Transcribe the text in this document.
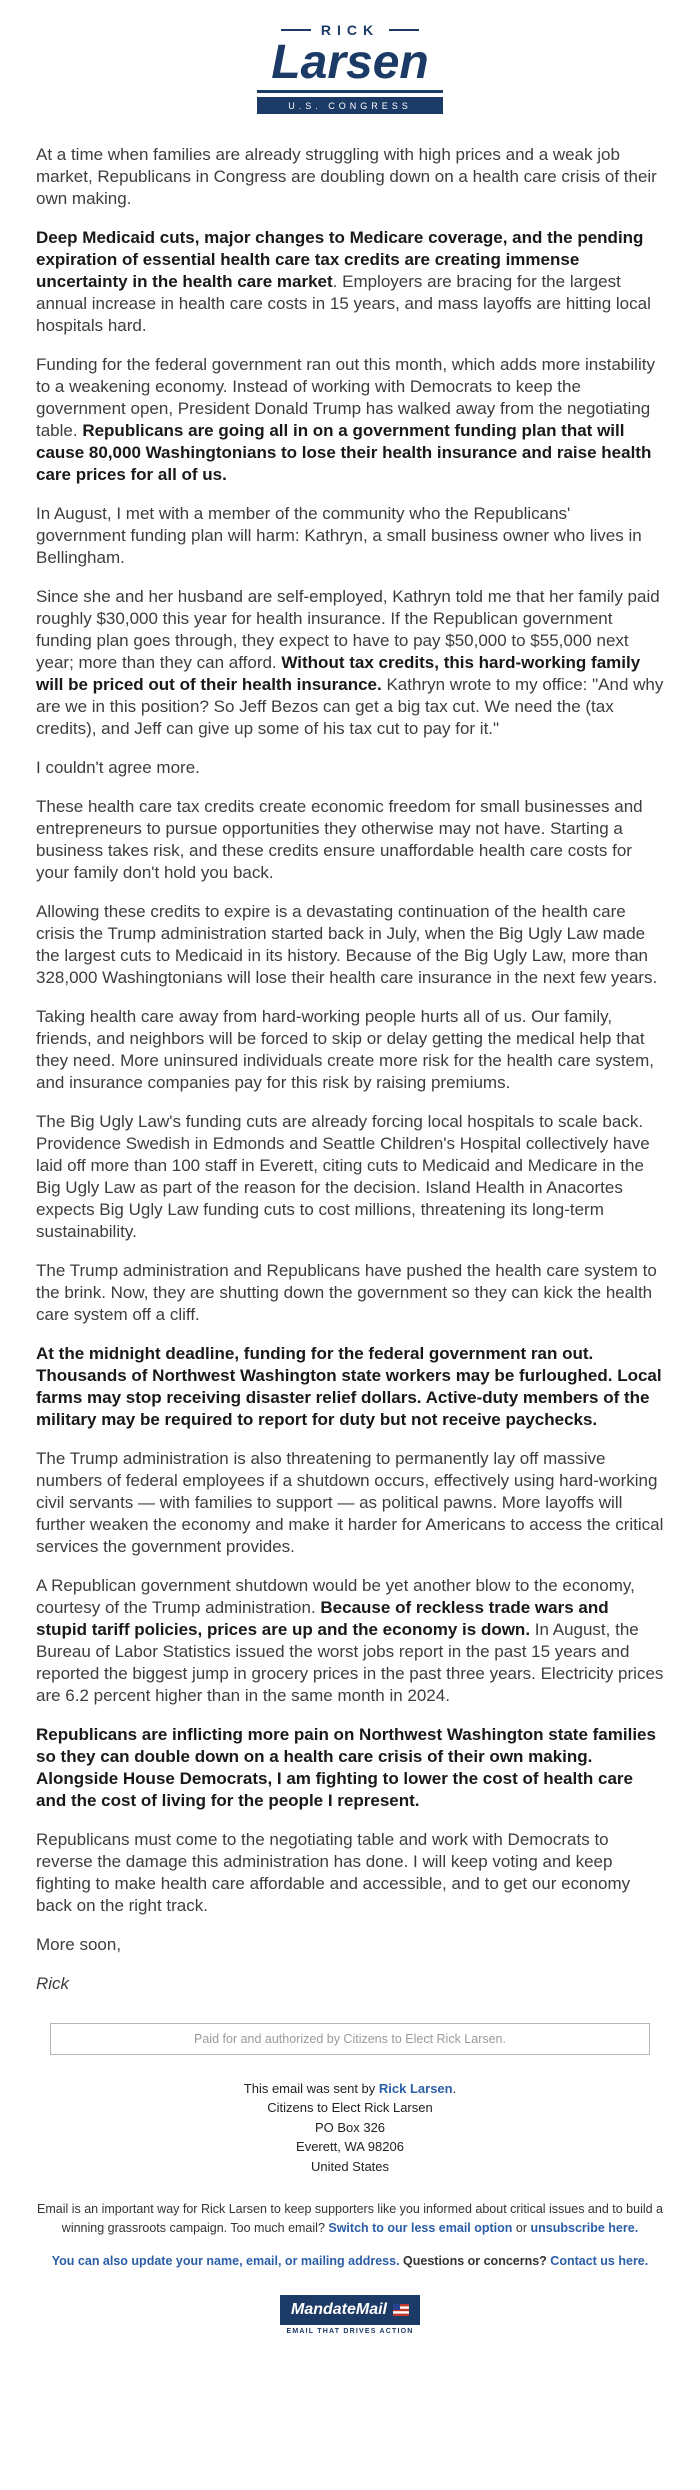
RICK
Larsen
U.S. CONGRESS

At a time when families are already struggling with high prices and a weak job market, Republicans in Congress are doubling down on a health care crisis of their own making.

Deep Medicaid cuts, major changes to Medicare coverage, and the pending expiration of essential health care tax credits are creating immense uncertainty in the health care market. Employers are bracing for the largest annual increase in health care costs in 15 years, and mass layoffs are hitting local hospitals hard.

Funding for the federal government ran out this month, which adds more instability to a weakening economy. Instead of working with Democrats to keep the government open, President Donald Trump has walked away from the negotiating table. Republicans are going all in on a government funding plan that will cause 80,000 Washingtonians to lose their health insurance and raise health care prices for all of us.

In August, I met with a member of the community who the Republicans' government funding plan will harm: Kathryn, a small business owner who lives in Bellingham.

Since she and her husband are self-employed, Kathryn told me that her family paid roughly $30,000 this year for health insurance. If the Republican government funding plan goes through, they expect to have to pay $50,000 to $55,000 next year; more than they can afford. Without tax credits, this hard-working family will be priced out of their health insurance. Kathryn wrote to my office: "And why are we in this position? So Jeff Bezos can get a big tax cut. We need the (tax credits), and Jeff can give up some of his tax cut to pay for it."

I couldn't agree more.

These health care tax credits create economic freedom for small businesses and entrepreneurs to pursue opportunities they otherwise may not have. Starting a business takes risk, and these credits ensure unaffordable health care costs for your family don't hold you back.

Allowing these credits to expire is a devastating continuation of the health care crisis the Trump administration started back in July, when the Big Ugly Law made the largest cuts to Medicaid in its history. Because of the Big Ugly Law, more than 328,000 Washingtonians will lose their health care insurance in the next few years.

Taking health care away from hard-working people hurts all of us. Our family, friends, and neighbors will be forced to skip or delay getting the medical help that they need. More uninsured individuals create more risk for the health care system, and insurance companies pay for this risk by raising premiums.

The Big Ugly Law's funding cuts are already forcing local hospitals to scale back. Providence Swedish in Edmonds and Seattle Children's Hospital collectively have laid off more than 100 staff in Everett, citing cuts to Medicaid and Medicare in the Big Ugly Law as part of the reason for the decision. Island Health in Anacortes expects Big Ugly Law funding cuts to cost millions, threatening its long-term sustainability.

The Trump administration and Republicans have pushed the health care system to the brink. Now, they are shutting down the government so they can kick the health care system off a cliff.

At the midnight deadline, funding for the federal government ran out. Thousands of Northwest Washington state workers may be furloughed. Local farms may stop receiving disaster relief dollars. Active-duty members of the military may be required to report for duty but not receive paychecks.

The Trump administration is also threatening to permanently lay off massive numbers of federal employees if a shutdown occurs, effectively using hard-working civil servants — with families to support — as political pawns. More layoffs will further weaken the economy and make it harder for Americans to access the critical services the government provides.

A Republican government shutdown would be yet another blow to the economy, courtesy of the Trump administration. Because of reckless trade wars and stupid tariff policies, prices are up and the economy is down. In August, the Bureau of Labor Statistics issued the worst jobs report in the past 15 years and reported the biggest jump in grocery prices in the past three years. Electricity prices are 6.2 percent higher than in the same month in 2024.

Republicans are inflicting more pain on Northwest Washington state families so they can double down on a health care crisis of their own making. Alongside House Democrats, I am fighting to lower the cost of health care and the cost of living for the people I represent.

Republicans must come to the negotiating table and work with Democrats to reverse the damage this administration has done. I will keep voting and keep fighting to make health care affordable and accessible, and to get our economy back on the right track.

More soon,

Rick

Paid for and authorized by Citizens to Elect Rick Larsen.
This email was sent by Rick Larsen.
Citizens to Elect Rick Larsen
PO Box 326
Everett, WA 98206
United States
Email is an important way for Rick Larsen to keep supporters like you informed about critical issues and to build a winning grassroots campaign. Too much email? Switch to our less email option or unsubscribe here.
You can also update your name, email, or mailing address. Questions or concerns? Contact us here.
MandateMail
EMAIL THAT DRIVES ACTION
